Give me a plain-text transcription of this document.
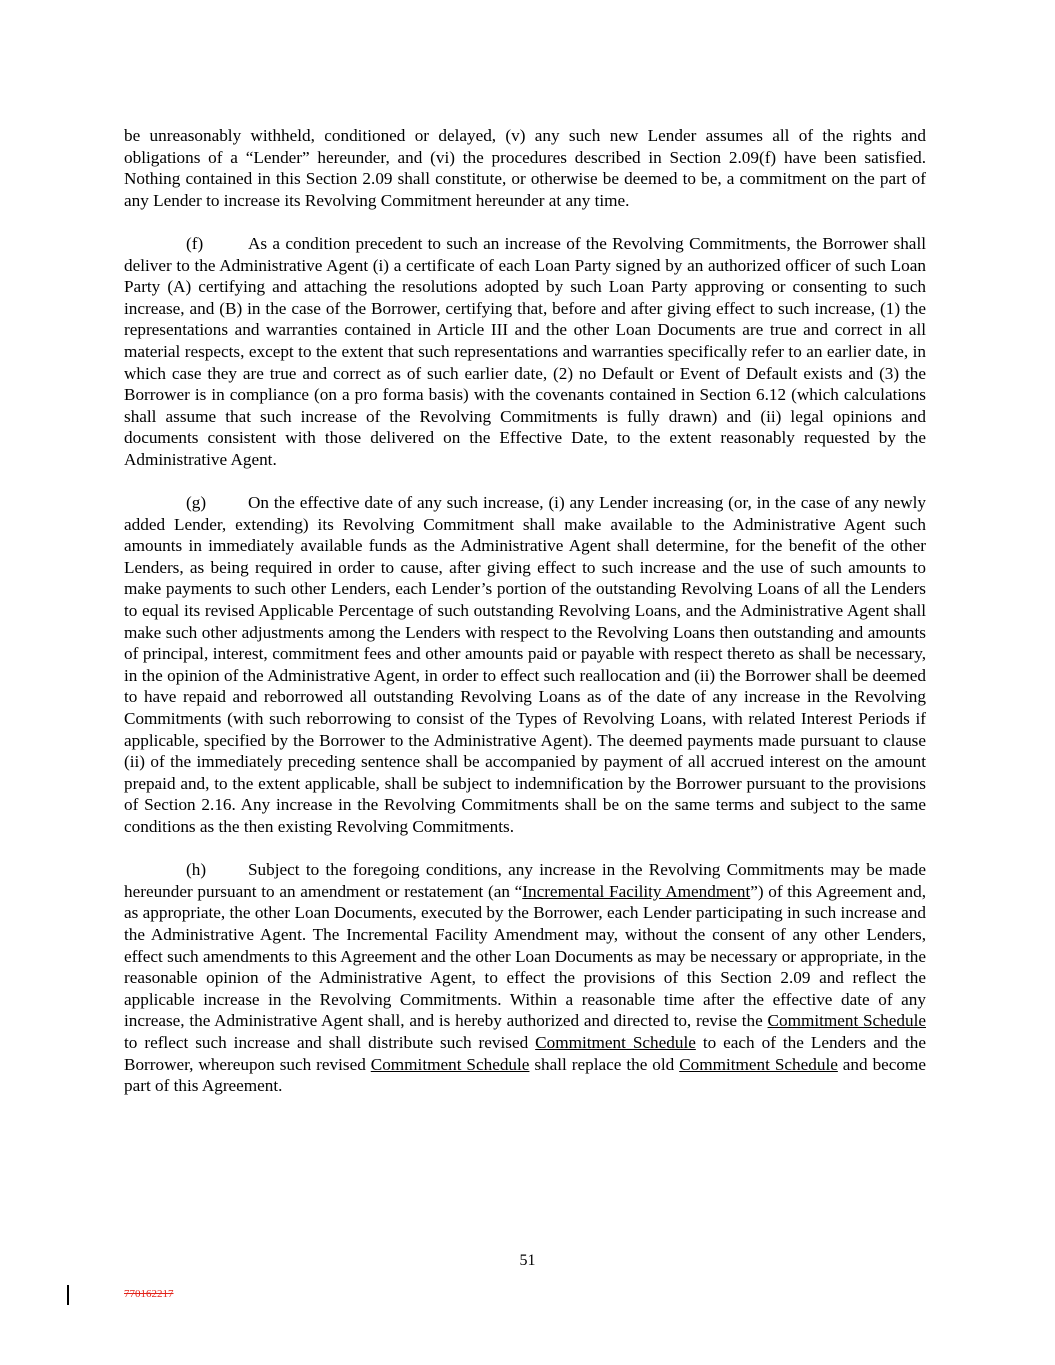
be unreasonably withheld, conditioned or delayed, (v) any such new Lender assumes all of the rights and obligations of a “Lender” hereunder, and (vi) the procedures described in Section 2.09(f) have been satisfied. Nothing contained in this Section 2.09 shall constitute, or otherwise be deemed to be, a commitment on the part of any Lender to increase its Revolving Commitment hereunder at any time.

(f)	As a condition precedent to such an increase of the Revolving Commitments, the Borrower shall deliver to the Administrative Agent (i) a certificate of each Loan Party signed by an authorized officer of such Loan Party (A) certifying and attaching the resolutions adopted by such Loan Party approving or consenting to such increase, and (B) in the case of the Borrower, certifying that, before and after giving effect to such increase, (1) the representations and warranties contained in Article III and the other Loan Documents are true and correct in all material respects, except to the extent that such representations and warranties specifically refer to an earlier date, in which case they are true and correct as of such earlier date, (2) no Default or Event of Default exists and (3) the Borrower is in compliance (on a pro forma basis) with the covenants contained in Section 6.12 (which calculations shall assume that such increase of the Revolving Commitments is fully drawn) and (ii) legal opinions and documents consistent with those delivered on the Effective Date, to the extent reasonably requested by the Administrative Agent.

(g) On the effective date of any such increase, (i) any Lender increasing (or, in the case of any newly added Lender, extending) its Revolving Commitment shall make available to the Administrative Agent such amounts in immediately available funds as the Administrative Agent shall determine, for the benefit of the other Lenders, as being required in order to cause, after giving effect to such increase and the use of such amounts to make payments to such other Lenders, each Lender’s portion of the outstanding Revolving Loans of all the Lenders to equal its revised Applicable Percentage of such outstanding Revolving Loans, and the Administrative Agent shall make such other adjustments among the Lenders with respect to the Revolving Loans then outstanding and amounts of principal, interest, commitment fees and other amounts paid or payable with respect thereto as shall be necessary, in the opinion of the Administrative Agent, in order to effect such reallocation and (ii) the Borrower shall be deemed to have repaid and reborrowed all outstanding Revolving Loans as of the date of any increase in the Revolving Commitments (with such reborrowing to consist of the Types of Revolving Loans, with related Interest Periods if applicable, specified by the Borrower to the Administrative Agent). The deemed payments made pursuant to clause (ii) of the immediately preceding sentence shall be accompanied by payment of all accrued interest on the amount prepaid and, to the extent applicable, shall be subject to indemnification by the Borrower pursuant to the provisions of Section 2.16. Any increase in the Revolving Commitments shall be on the same terms and subject to the same conditions as the then existing Revolving Commitments.

(h) Subject to the foregoing conditions, any increase in the Revolving Commitments may be made hereunder pursuant to an amendment or restatement (an “Incremental Facility Amendment”) of this Agreement and, as appropriate, the other Loan Documents, executed by the Borrower, each Lender participating in such increase and the Administrative Agent. The Incremental Facility Amendment may, without the consent of any other Lenders, effect such amendments to this Agreement and the other Loan Documents as may be necessary or appropriate, in the reasonable opinion of the Administrative Agent, to effect the provisions of this Section 2.09 and reflect the applicable increase in the Revolving Commitments. Within a reasonable time after the effective date of any increase, the Administrative Agent shall, and is hereby authorized and directed to, revise the Commitment Schedule to reflect such increase and shall distribute such revised Commitment Schedule to each of the Lenders and the Borrower, whereupon such revised Commitment Schedule shall replace the old Commitment Schedule and become part of this Agreement.

51
770162217
